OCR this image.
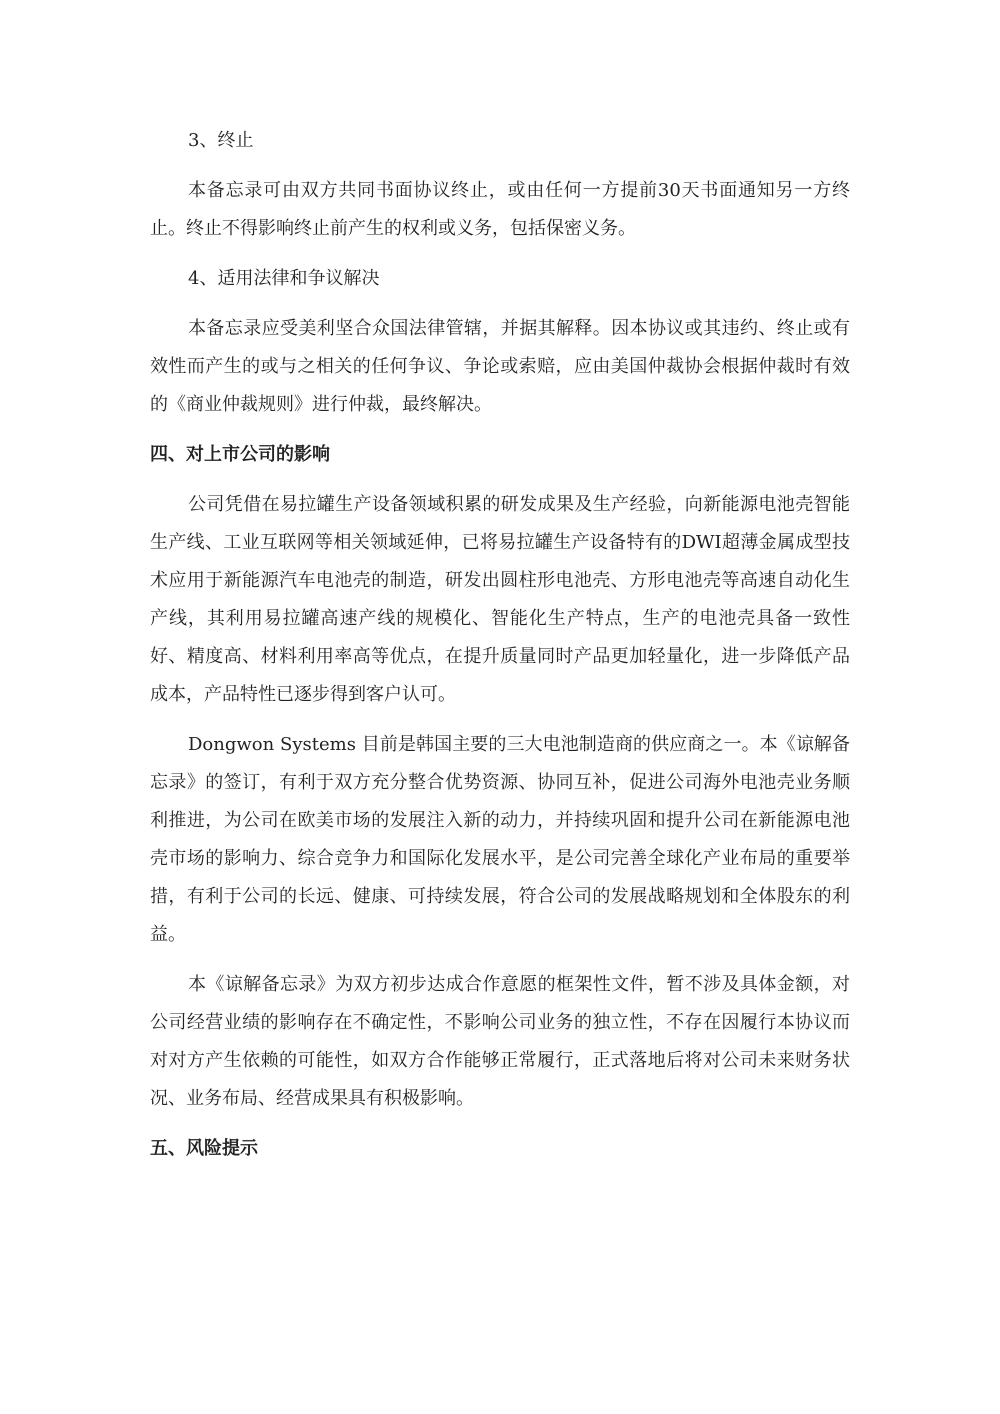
3、终止

本备忘录可由双方共同书面协议终止，或由任何一方提前30天书面通知另一方终止。终止不得影响终止前产生的权利或义务，包括保密义务。

4、适用法律和争议解决

本备忘录应受美利坚合众国法律管辖，并据其解释。因本协议或其违约、终止或有效性而产生的或与之相关的任何争议、争论或索赔，应由美国仲裁协会根据仲裁时有效的《商业仲裁规则》进行仲裁，最终解决。

四、对上市公司的影响

公司凭借在易拉罐生产设备领域积累的研发成果及生产经验，向新能源电池壳智能生产线、工业互联网等相关领域延伸，已将易拉罐生产设备特有的DWI超薄金属成型技术应用于新能源汽车电池壳的制造，研发出圆柱形电池壳、方形电池壳等高速自动化生产线，其利用易拉罐高速产线的规模化、智能化生产特点，生产的电池壳具备一致性好、精度高、材料利用率高等优点，在提升质量同时产品更加轻量化，进一步降低产品成本，产品特性已逐步得到客户认可。

Dongwon Systems 目前是韩国主要的三大电池制造商的供应商之一。本《谅解备忘录》的签订，有利于双方充分整合优势资源、协同互补，促进公司海外电池壳业务顺利推进，为公司在欧美市场的发展注入新的动力，并持续巩固和提升公司在新能源电池壳市场的影响力、综合竞争力和国际化发展水平，是公司完善全球化产业布局的重要举措，有利于公司的长远、健康、可持续发展，符合公司的发展战略规划和全体股东的利益。

本《谅解备忘录》为双方初步达成合作意愿的框架性文件，暂不涉及具体金额，对公司经营业绩的影响存在不确定性，不影响公司业务的独立性，不存在因履行本协议而对对方产生依赖的可能性，如双方合作能够正常履行，正式落地后将对公司未来财务状况、业务布局、经营成果具有积极影响。

五、风险提示
